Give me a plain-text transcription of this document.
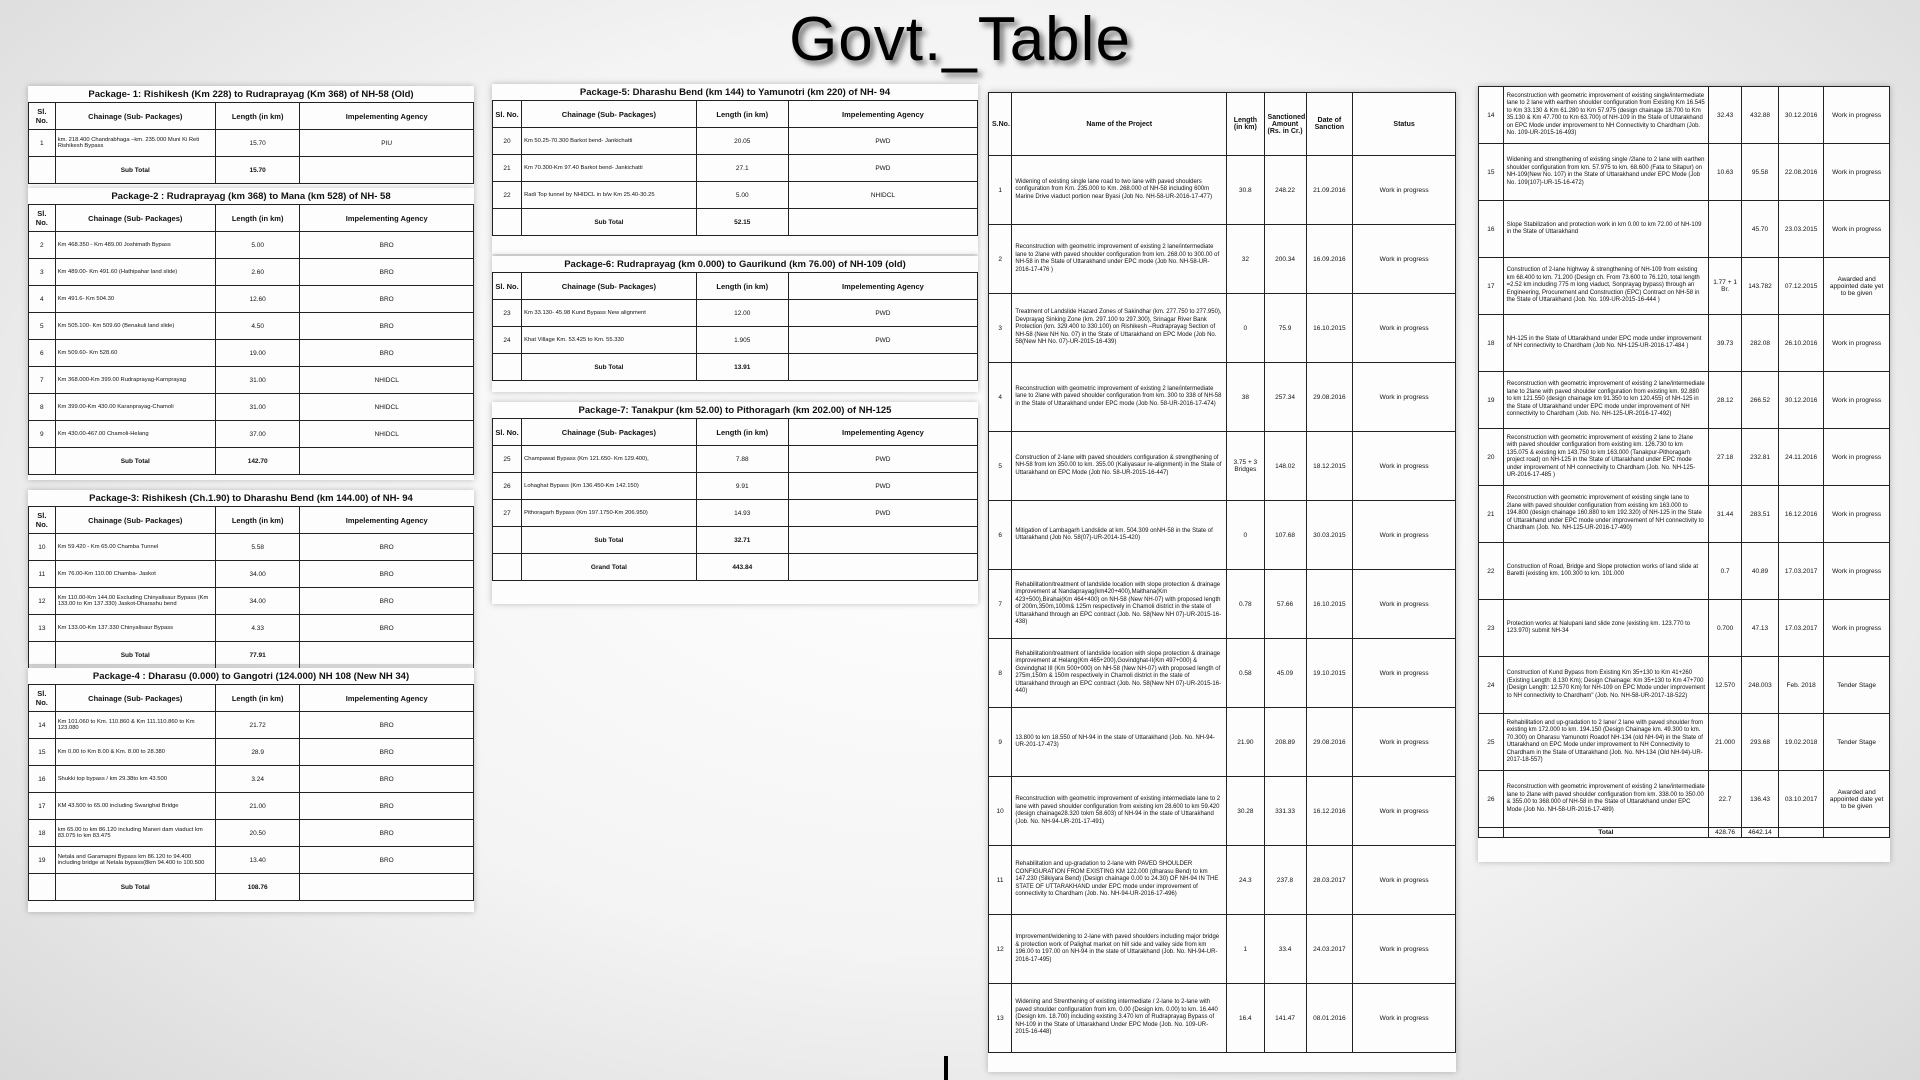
Govt._Table
Package- 1: Rishikesh (Km 228) to Rudraprayag (Km 368) of NH-58 (Old)
Sl. No.	Chainage (Sub- Packages)	Length (in km)	Impelementing Agency
1	km. 218.400 Chandrabhaga –km. 235.000 Muni Ki Reti Rishikesh Bypass	15.70	PIU
	Sub Total	15.70	
Package-2 : Rudraprayag (km 368) to Mana (km 528) of NH- 58
Sl. No.	Chainage (Sub- Packages)	Length (in km)	Impelementing Agency
2	Km 468.350 - Km 489.00 Joshimath Bypass	5.00	BRO
3	Km 489.00- Km 491.60 (Hathipahar land slide)	2.60	BRO
4	Km 491.6- Km 504.30	12.60	BRO
5	Km 505.100- Km 509.60 (Benakuli land slide)	4.50	BRO
6	Km 509.60- Km 528.60	19.00	BRO
7	Km 368.000-Km 399.00 Rudraprayag-Karnprayag	31.00	NHIDCL
8	Km 399.00-Km 430.00 Karanprayag-Chamoli	31.00	NHIDCL
9	Km 430.00-467.00 Chamoli-Helang	37.00	NHIDCL
	Sub Total	142.70	
Package-3: Rishikesh (Ch.1.90) to Dharashu Bend (km 144.00) of NH- 94
Sl. No.	Chainage (Sub- Packages)	Length (in km)	Impelementing Agency
10	Km 59.420 - Km 65.00 Chamba Tunnel	5.58	BRO
11	Km 76.00-Km 110.00 Chamba- Jaskot	34.00	BRO
12	Km 110.00-Km 144.00 Excluding Chinyalisaur Bypass (Km 133.00 to Km 137.330) Jaskot-Dharashu bend	34.00	BRO
13	Km 133.00-Km 137.330 Chinyalisaur Bypass	4.33	BRO
	Sub Total	77.91	
Package-4 : Dharasu (0.000) to Gangotri (124.000) NH 108 (New NH 34)
Sl. No.	Chainage (Sub- Packages)	Length (in km)	Impelementing Agency
14	Km 101.060 to Km. 110.860 & Km 111.110.860 to Km 123.080	21.72	BRO
15	Km 0.00 to Km 8.00 & Km. 8.00 to 28.380	28.9	BRO
16	Shukki top bypass / km 29.38to km 43.500	3.24	BRO
17	KM 43.500 to 65.00 including Swarighat Bridge	21.00	BRO
18	km 65.00 to km 86.120 including Maneri dam viaduct km 83.075 to km 83.475	20.50	BRO
19	Netala and Garamapni Bypass km 86.120 to 94.400 including bridge at Netala bypass(8km 94.400 to 100.500	13.40	BRO
	Sub Total	108.76	
Package-5: Dharashu Bend (km 144) to Yamunotri (km 220) of NH- 94
Sl. No.	Chainage (Sub- Packages)	Length (in km)	Impelementing Agency
20	Km 50.25-70.300 Barkot bend- Jankichatti	20.05	PWD
21	Km 70.300-Km 97.40 Barkot bend- Jankichatti	27.1	PWD
22	Radi Top tunnel by NHIDCL in b/w Km 25.40-30.25	5.00	NHIDCL
	Sub Total	52.15	
Package-6: Rudraprayag (km 0.000) to Gaurikund (km 76.00) of NH-109 (old)
Sl. No.	Chainage (Sub- Packages)	Length (in km)	Impelementing Agency
23	Km 33.130- 45.98 Kund Bypass New alignment	12.00	PWD
24	Khat Village Km. 53.425 to Km. 55.330	1.905	PWD
	Sub Total	13.91	
Package-7: Tanakpur (km 52.00) to Pithoragarh (km 202.00) of NH-125
Sl. No.	Chainage (Sub- Packages)	Length (in km)	Impelementing Agency
25	Champawat Bypass (Km 121.650- Km 129.400),	7.88	PWD
26	Lohaghat Bypass (Km 136.450-Km 142.150)	9.91	PWD
27	Pithoragarh Bypass (Km 197.1750-Km 206.950)	14.93	PWD
	Sub Total	32.71	
	Grand Total	443.84	
S.No.	Name of the Project	Length (in km)	Sanctioned Amount (Rs. in Cr.)	Date of Sanction	Status
1	Widening of existing single lane road to two lane with paved shoulders configuration from Km. 235.000 to Km. 268.000 of NH-58 including 600m Marine Drive viaduct portion near Byasi (Job No. NH-58-UR-2016-17-477)	30.8	248.22	21.09.2016	Work in progress
2	Reconstruction with geometric improvement of existing 2 lane/intermediate lane to 2lane with paved shoulder configuration from km. 268.00 to 300.00 of NH-58 in the State of Uttarakhand under EPC mode (Job No. NH-58-UR-2016-17-476 )	32	200.34	16.09.2016	Work in progress
3	Treatment of Landslide Hazard Zones of Sakindhar (km. 277.750 to 277.950), Devprayag Sinking Zone (km. 297.100 to 297.300), Srinagar River Bank Protection (km. 329.400 to 330.100) on Rishikesh –Rudraprayag Section of NH-58 (New NH No. 07) in the State of Uttarakhand on EPC Mode (Job No. 58(New NH No. 07)-UR-2015-16-439)	0	75.9	16.10.2015	Work in progress
4	Reconstruction with geometric improvement of existing 2 lane/intermediate lane to 2lane with paved shoulder configuration from km. 300 to 338 of NH-58 in the State of Uttarakhand under EPC mode (Job No. 58-UR-2016-17-474)	38	257.34	29.08.2016	Work in progress
5	Construction of 2-lane with paved shoulders configuration & strengthening of NH-58 from km 350.00 to km. 355.00 (Kaliyasaur re-alignment) in the State of Uttarakhand on EPC Mode (Job No. 58-UR-2015-16-447)	3.75 + 3 Bridges	148.02	18.12.2015	Work in progress
6	Mitigation of Lambagarh Landslide at km. 504.309 onNH-58 in the State of Uttarakhand (Job No. 58(07)-UR-2014-15-420)	0	107.68	30.03.2015	Work in progress
7	Rehabilitation/treatment of landslide location with slope protection & drainage improvement at Nandaprayag(km420+400),Maithana(Km 423+500),Birahai(Km 464+400) on NH-58 (New NH-07) with proposed length of 200m,350m,100m& 125m respectively in Chamoli district in the state of Uttarakhand through an EPC contract (Job. No. 58(New NH 07)-UR-2015-16-438)	0.78	57.66	16.10.2015	Work in progress
8	Rehabilitation/treatment of landslide location with slope protection & drainage improvement at Helang(Km 465+200),Govindghat-II(Km 497+000) & Govindghat III (Km 500+000) on NH-58 (New NH-07) with proposed length of 275m,150m & 150m respectively in Chamoli district in the state of Uttarakhand through an EPC contract (Job. No. 58(New NH 07)-UR-2015-16-440)	0.58	45.09	19.10.2015	Work in progress
9	13.800 to km 18.550 of NH-94 in the state of Uttarakhand (Job. No. NH-94-UR-201-17-473)	21.90	208.89	29.08.2016	Work in progress
10	Reconstruction with geometric improvement of existing intermediate lane to 2 lane with paved shoulder configuration from existing km 28.600 to km 59.420 (design chainage28.320 tokm 58.603) of NH-94 in the state of Uttarakhand (Job. No. NH-94-UR-201-17-491)	30.28	331.33	16.12.2016	Work in progress
11	Rehabilitation and up-gradation to 2-lane with PAVED SHOULDER CONFIGURATION FROM EXISTING KM 122.000 (dharasu Bend) to km 147.230 (Silkiyara Bend) (Design chainage 0.00 to 24.30) OF NH-94 IN THE STATE OF UTTARAKHAND under EPC mode under improvement of connectivity to Chardham (Job. No. NH-94-UR-2016-17-496)	24.3	237.8	28.03.2017	Work in progress
12	Improvement/widening to 2-lane with paved shoulders including major bridge & protection work of Palighat market on hill side and valley side from km 196.00 to 197.00 on NH-94 in the state of Uttarakhand (Job. No. NH-94-UR-2016-17-495)	1	33.4	24.03.2017	Work in progress
13	Widening and Strenthening of existing intermediate / 2-lane to 2-lane with paved shoulder configuration from km. 0.00 (Design km. 0.00) to km. 16.440 (Design km. 18.700) including existing 3.470 km of Rudraprayag Bypass of NH-109 in the State of Uttarakhand Under EPC Mode (Job. No. 109-UR-2015-16-448)	16.4	141.47	08.01.2016	Work in progress
14	Reconstruction with geometric improvement of existing single/intermediate lane to 2 lane with earthen shoulder configuration from Existing Km 16.545 to Km 33.130 & Km 61.280 to Km 57.975 (design chainage 18.700 to Km 35.130 & Km 47.700 to Km 63.700) of NH-109 in the State of Uttarakhand on EPC Mode under improvement to NH Connectivity to Chardham (Job. No. 109-UR-2015-16-493)	32.43	432.88	30.12.2016	Work in progress
15	Widening and strengthening of existing single /2lane to 2 lane with earthen shoulder configuration from km. 57.975 to km. 68.600 (Fata to Sitapur) on NH-109(New No. 107) in the State of Uttarakhand under EPC Mode (Job No. 109(107)-UR-15-16-472)	10.63	95.58	22.08.2016	Work in progress
16	Slope Stabilization and protection work in km 0.00 to km 72.00 of NH-109 in the State of Uttarakhand		45.70	23.03.2015	Work in progress
17	Construction of 2-lane highway & strengthening of NH-109 from existing km 68.400 to km. 71.200 (Design ch. From 73.600 to 76.120, total length =2.52 km including 775 m long viaduct, Sonprayag bypass) through an Engineering, Procurement and Construction (EPC) Contract on NH-58 in the State of Uttarakhand (Job. No. 109-UR-2015-16-444 )	1.77 + 1 Br.	143.782	07.12.2015	Awarded and appointed date yet to be given
18	NH-125 in the State of Uttarakhand under EPC mode under improvement of NH connectivity to Chardham (Job No. NH-125-UR-2016-17-484 )	39.73	282.08	26.10.2016	Work in progress
19	Reconstruction with geometric improvement of existing 2 lane/intermediate lane to 2lane with paved shoulder configuration from existing km. 92.880 to km 121.550 (design chainage km 91.350 to km 120.455) of NH-125 in the State of Uttarakhand under EPC mode under improvement of NH connectivity to Chardham (Job. No. NH-125-UR-2016-17-492)	28.12	266.52	30.12.2016	Work in progress
20	Reconstruction with geometric improvement of existing 2 lane to 2lane with paved shoulder configuration from existing km. 126.730 to km 135.075 & existing km 143.750 to km 163.000 (Tanakpur-Pithoragarh project road) on NH-125 in the State of Uttarakhand under EPC mode under improvement of NH connectivity to Chardham (Job. No. NH-125-UR-2016-17-485 )	27.18	232.81	24.11.2016	Work in progress
21	Reconstruction with geometric improvement of existing single lane to 2lane with paved shoulder configuration from existing km 163.000 to 194.800 (design chainage 160.880 to km 192.320) of NH-125 in the State of Uttarakhand under EPC mode under improvement of NH connectivity to Chardham (Job. No. NH-125-UR-2016-17-490)	31.44	283.51	16.12.2016	Work in progress
22	Construction of Road, Bridge and Slope protection works of land slide at Baretti (existing km. 100.300 to km. 101.000	0.7	40.89	17.03.2017	Work in progress
23	Protection works at Nalupani land slide zone (existing km. 123.770 to 123.970) submit NH-34	0.700	47.13	17.03.2017	Work in progress
24	Construction of Kund Bypass from Existing Km 35+130 to Km 41+260 (Existing Length: 8.130 Km); Design Chainage: Km 35+130 to Km 47+700 (Design Length: 12.570 Km) for NH-109 on EPC Mode under improvement to NH connectivity to Chardham" (Job. No. NH-58-UR-2017-18-522)	12.570	248.003	Feb. 2018	Tender Stage
25	Rehabilitation and up-gradation to 2 lane/ 2 lane with paved shoulder from existing km 172.000 to km. 194.150 (Design Chainage km. 49.300 to km. 70.300) on Dharasu Yamunotri Roadof NH-134 (old NH-94) in the State of Uttarakhand on EPC Mode under improvement to NH Connectivity to Chardham in the State of Uttarakhand (Job. No. NH-134 (Old NH-94)-UR-2017-18-557)	21.000	293.68	19.02.2018	Tender Stage
26	Reconstruction with geometric improvement of existing 2 lane/intermediate lane to 2lane with paved shoulder configuration from km. 338.00 to 350.00 & 355.00 to 368.000 of NH-58 in the State of Uttarakhand under EPC Mode (Job No. NH-58-UR-2016-17-489)	22.7	136.43	03.10.2017	Awarded and appointed date yet to be given
	Total	428.76	4642.14		
